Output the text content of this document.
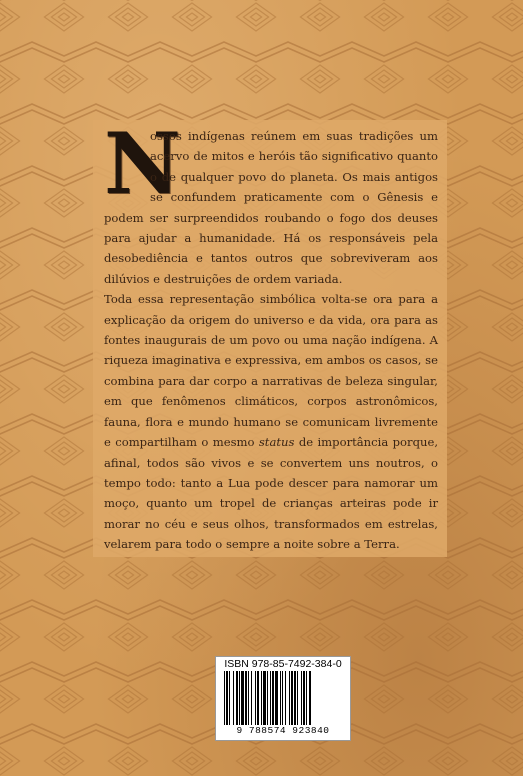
N
ossos indígenas reúnem em suas tradições um acervo de mitos e heróis tão significativo quanto o de qualquer povo do planeta. Os mais antigos se confundem praticamente com o Gênesis e podem ser surpreendidos roubando o fogo dos deuses para ajudar a humanidade. Há os responsáveis pela desobediência e tantos outros que sobreviveram aos dilúvios e destruições de ordem variada.

Toda essa representação simbólica volta-se ora para a explicação da origem do universo e da vida, ora para as fontes inaugurais de um povo ou uma nação indígena. A riqueza imaginativa e expressiva, em ambos os casos, se combina para dar corpo a narrativas de beleza singular, em que fenômenos climáticos, corpos astronômicos, fauna, flora e mundo humano se comunicam livremente e compartilham o mesmo status de importância porque, afinal, todos são vivos e se convertem uns noutros, o tempo todo: tanto a Lua pode descer para namorar um moço, quanto um tropel de crianças arteiras pode ir morar no céu e seus olhos, transformados em estrelas, velarem para todo o sempre a noite sobre a Terra.

ISBN 978-85-7492-384-0
9 788574 923840
